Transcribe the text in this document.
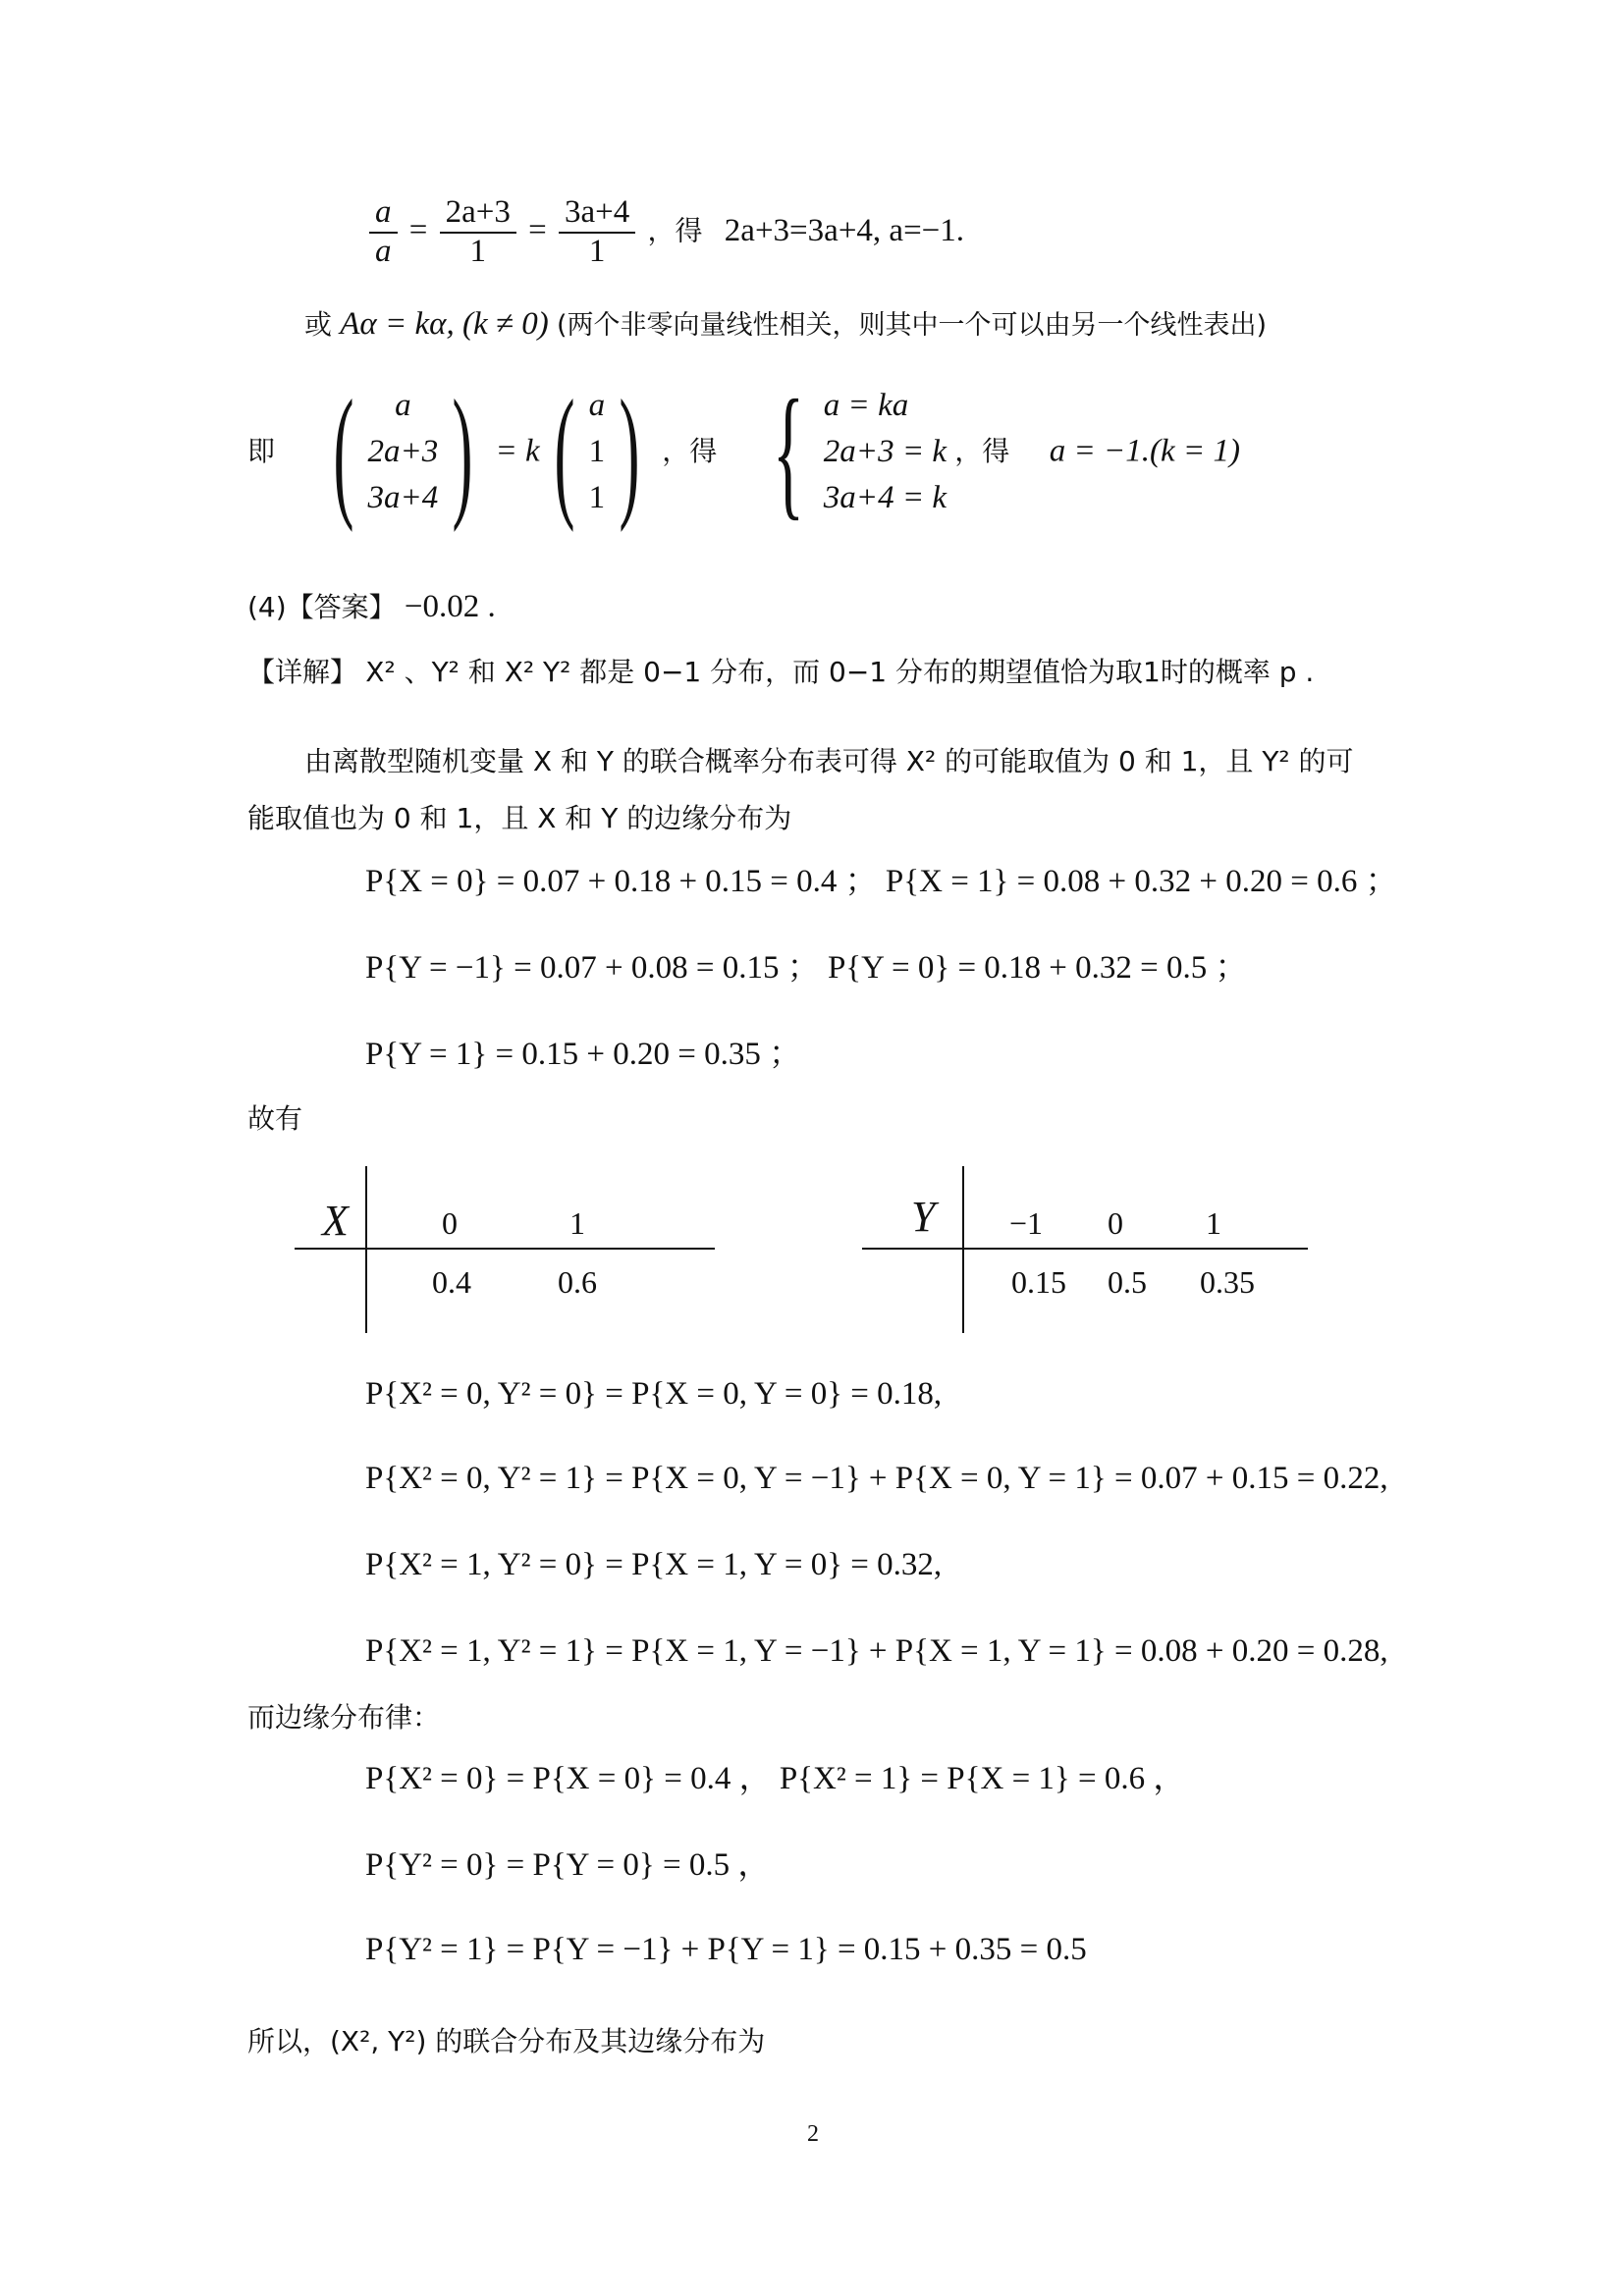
$\frac{a}{a} = \frac{2a+3}{1} = \frac{3a+4}{1}$ ，得 2a+3=3a+4, a=−1.
或 Aα = kα, (k ≠ 0) (两个非零向量线性相关，则其中一个可以由另一个线性表出)
即 ( a
2a+3
3a+4 ) = k( a
1
1 ) ，得 { a = ka
2a+3 = k
3a+4 = k
，得 a = −1.(k = 1)
(4)【答案】 −0.02 .
【详解】 X² 、Y² 和 X² Y² 都是 0−1 分布，而 0−1 分布的期望值恰为取1时的概率 p .
由离散型随机变量 X 和 Y 的联合概率分布表可得 X² 的可能取值为 0 和 1，且 Y² 的可
能取值也为 0 和 1，且 X 和 Y 的边缘分布为
P{X = 0} = 0.07 + 0.18 + 0.15 = 0.4 ； P{X = 1} = 0.08 + 0.32 + 0.20 = 0.6 ；
P{Y = −1} = 0.07 + 0.08 = 0.15 ； P{Y = 0} = 0.18 + 0.32 = 0.5 ；
P{Y = 1} = 0.15 + 0.20 = 0.35 ；
故有
X	0	1
0.4	0.6
Y −1 0	1
0.15 0.5 0.35
P{X² = 0, Y² = 0} = P{X = 0, Y = 0} = 0.18,
P{X² = 0, Y² = 1} = P{X = 0, Y = −1} + P{X = 0, Y = 1} = 0.07 + 0.15 = 0.22,
P{X² = 1, Y² = 0} = P{X = 1, Y = 0} = 0.32,
P{X² = 1, Y² = 1} = P{X = 1, Y = −1} + P{X = 1, Y = 1} = 0.08 + 0.20 = 0.28,
而边缘分布律：
P{X² = 0} = P{X = 0} = 0.4 ， P{X² = 1} = P{X = 1} = 0.6 ，
P{Y² = 0} = P{Y = 0} = 0.5 ，
P{Y² = 1} = P{Y = −1} + P{Y = 1} = 0.15 + 0.35 = 0.5
所以，(X², Y²) 的联合分布及其边缘分布为
2
